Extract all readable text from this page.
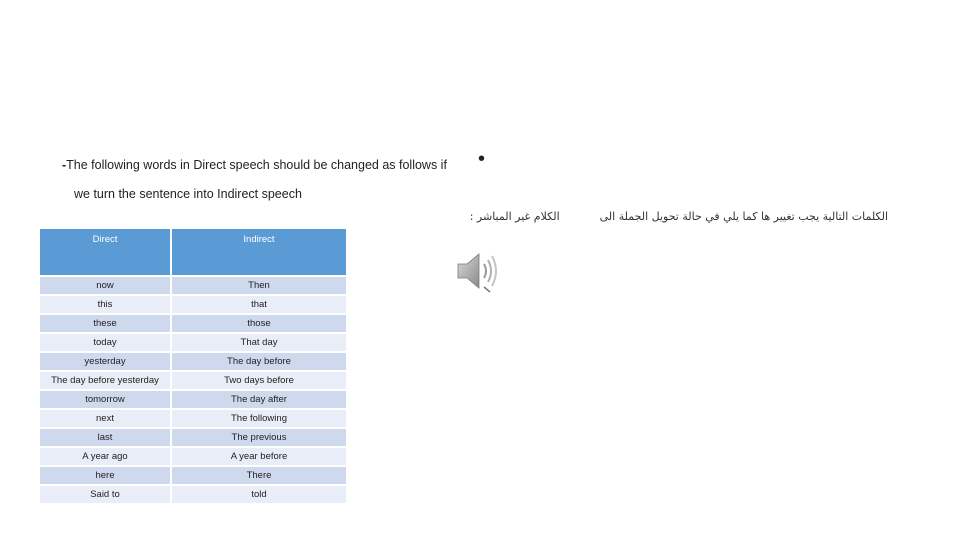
-The following words in Direct speech should be changed as follows if •
we turn the sentence into Indirect speech
الكلمات التالية يجب تغيير ها كما يلي في حالة تحويل الجملة الىالكلام غير المباشر :
Direct	Indirect
now	Then
this	that
these	those
today	That day
yesterday	The day before
The day before yesterday	Two days before
tomorrow	The day after
next	The following
last	The previous
A year ago	A year before
here	There
Said to	told
